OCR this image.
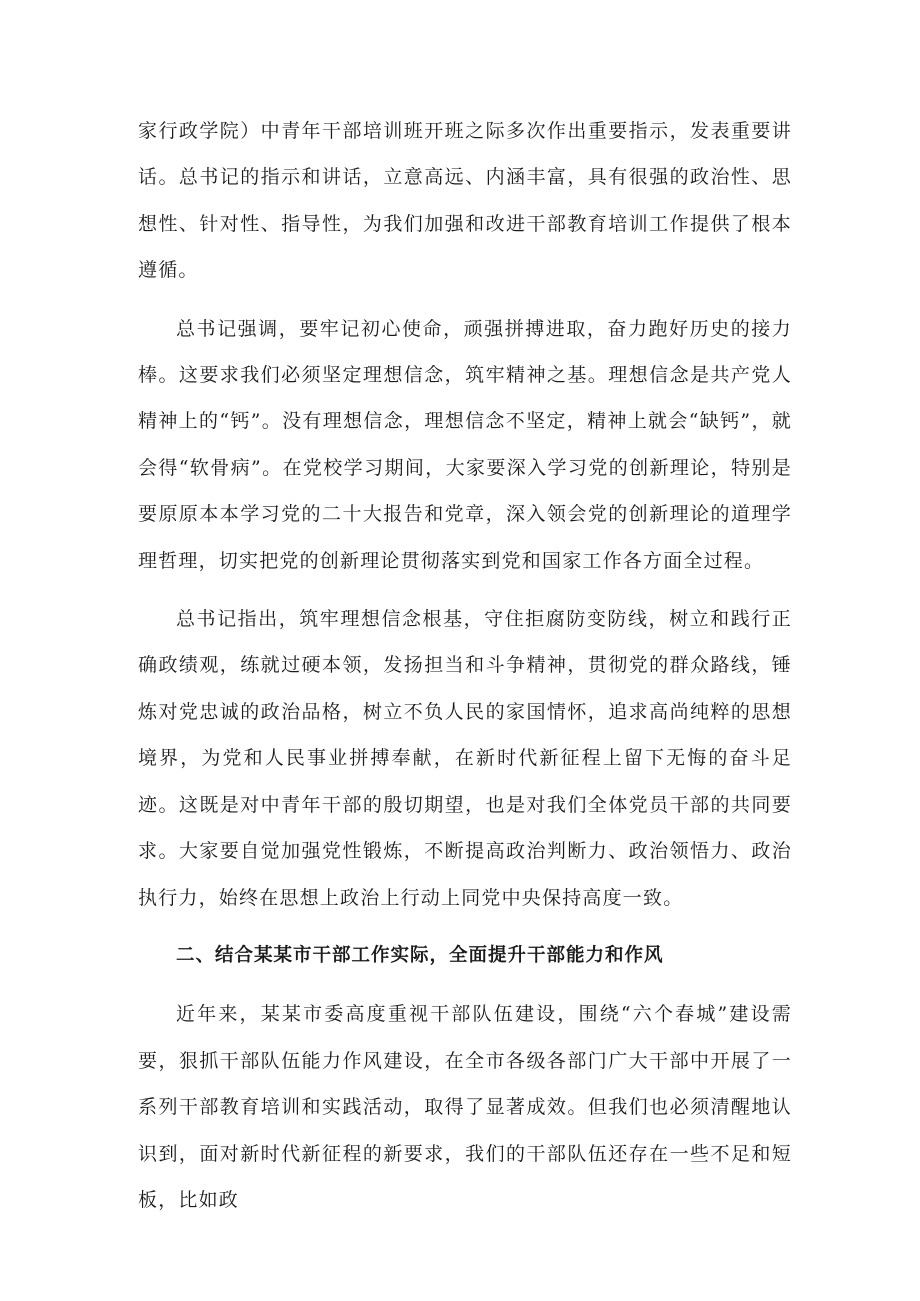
家行政学院）中青年干部培训班开班之际多次作出重要指示，发表重要讲话。总书记的指示和讲话，立意高远、内涵丰富，具有很强的政治性、思想性、针对性、指导性，为我们加强和改进干部教育培训工作提供了根本遵循。

总书记强调，要牢记初心使命，顽强拼搏进取，奋力跑好历史的接力棒。这要求我们必须坚定理想信念，筑牢精神之基。理想信念是共产党人精神上的“钙”。没有理想信念，理想信念不坚定，精神上就会“缺钙”，就会得“软骨病”。在党校学习期间，大家要深入学习党的创新理论，特别是要原原本本学习党的二十大报告和党章，深入领会党的创新理论的道理学理哲理，切实把党的创新理论贯彻落实到党和国家工作各方面全过程。

总书记指出，筑牢理想信念根基，守住拒腐防变防线，树立和践行正确政绩观，练就过硬本领，发扬担当和斗争精神，贯彻党的群众路线，锤炼对党忠诚的政治品格，树立不负人民的家国情怀，追求高尚纯粹的思想境界，为党和人民事业拼搏奉献，在新时代新征程上留下无悔的奋斗足迹。这既是对中青年干部的殷切期望，也是对我们全体党员干部的共同要求。大家要自觉加强党性锻炼，不断提高政治判断力、政治领悟力、政治执行力，始终在思想上政治上行动上同党中央保持高度一致。

二、结合某某市干部工作实际，全面提升干部能力和作风

近年来，某某市委高度重视干部队伍建设，围绕“六个春城”建设需要，狠抓干部队伍能力作风建设，在全市各级各部门广大干部中开展了一系列干部教育培训和实践活动，取得了显著成效。但我们也必须清醒地认识到，面对新时代新征程的新要求，我们的干部队伍还存在一些不足和短板，比如政
